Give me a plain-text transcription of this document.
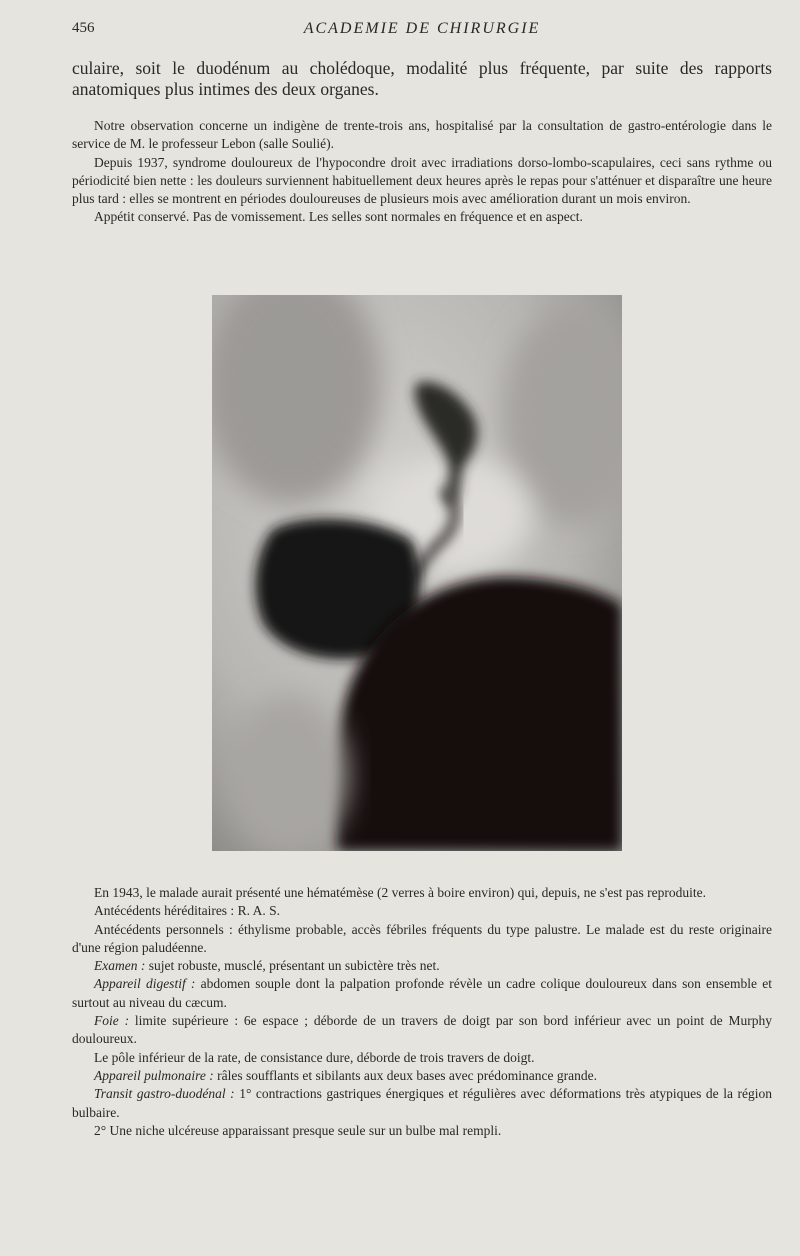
456	ACADEMIE DE CHIRURGIE

culaire, soit le duodénum au cholédoque, modalité plus fréquente, par suite des rapports anatomiques plus intimes des deux organes.

Notre observation concerne un indigène de trente-trois ans, hospitalisé par la consultation de gastro-entérologie dans le service de M. le professeur Lebon (salle Soulié).

Depuis 1937, syndrome douloureux de l'hypocondre droit avec irradiations dorso-lombo-scapulaires, ceci sans rythme ou périodicité bien nette : les douleurs surviennent habituellement deux heures après le repas pour s'atténuer et disparaître une heure plus tard : elles se montrent en périodes douloureuses de plusieurs mois avec amélioration durant un mois environ.

Appétit conservé. Pas de vomissement. Les selles sont normales en fréquence et en aspect.

En 1943, le malade aurait présenté une hématémèse (2 verres à boire environ) qui, depuis, ne s'est pas reproduite.

Antécédents héréditaires : R. A. S.

Antécédents personnels : éthylisme probable, accès fébriles fréquents du type palustre. Le malade est du reste originaire d'une région paludéenne.

Examen : sujet robuste, musclé, présentant un subictère très net.

Appareil digestif : abdomen souple dont la palpation profonde révèle un cadre colique douloureux dans son ensemble et surtout au niveau du cæcum.

Foie : limite supérieure : 6e espace ; déborde de un travers de doigt par son bord inférieur avec un point de Murphy douloureux.

Le pôle inférieur de la rate, de consistance dure, déborde de trois travers de doigt.

Appareil pulmonaire : râles soufflants et sibilants aux deux bases avec prédominance grande.

Transit gastro-duodénal : 1° contractions gastriques énergiques et régulières avec déformations très atypiques de la région bulbaire.

2° Une niche ulcéreuse apparaissant presque seule sur un bulbe mal rempli.
